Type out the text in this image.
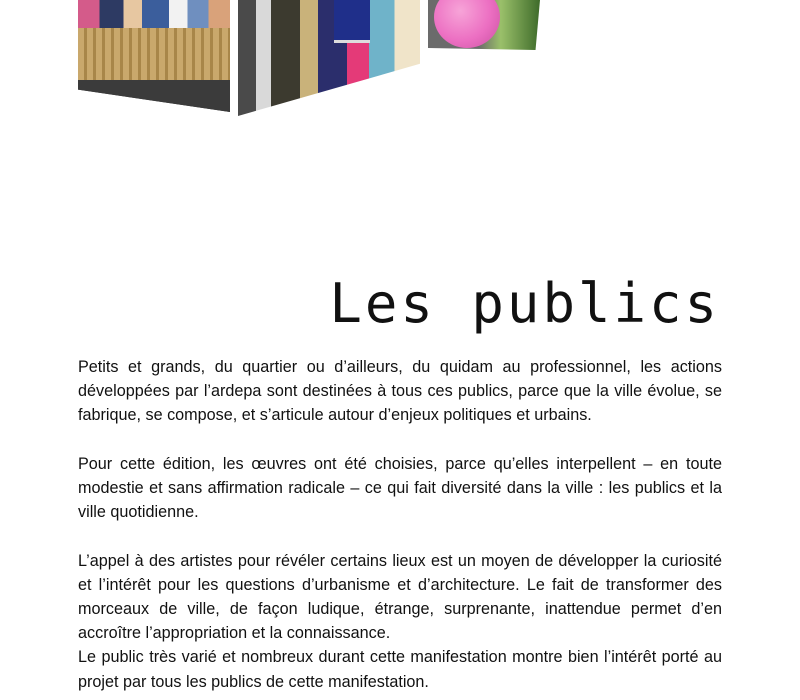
Les publics

Petits et grands, du quartier ou d’ailleurs, du quidam au professionnel, les actions développées par l’ardepa sont destinées à tous ces publics, parce que la ville évolue, se fabrique, se compose, et s’articule autour d’enjeux politiques et urbains.

Pour cette édition, les œuvres ont été choisies, parce qu’elles interpellent – en toute modestie et sans affirmation radicale – ce qui fait diversité dans la ville : les publics et la ville quotidienne.

L’appel à des artistes pour révéler certains lieux est un moyen de développer la curiosité et l’intérêt pour les questions d’urbanisme et d’architecture. Le fait de transformer des morceaux de ville, de façon ludique, étrange, surprenante, inattendue permet d’en accroître l’appropriation et la connaissance.

Le public très varié et nombreux durant cette manifestation montre bien l’intérêt porté au projet par tous les publics de cette manifestation.
